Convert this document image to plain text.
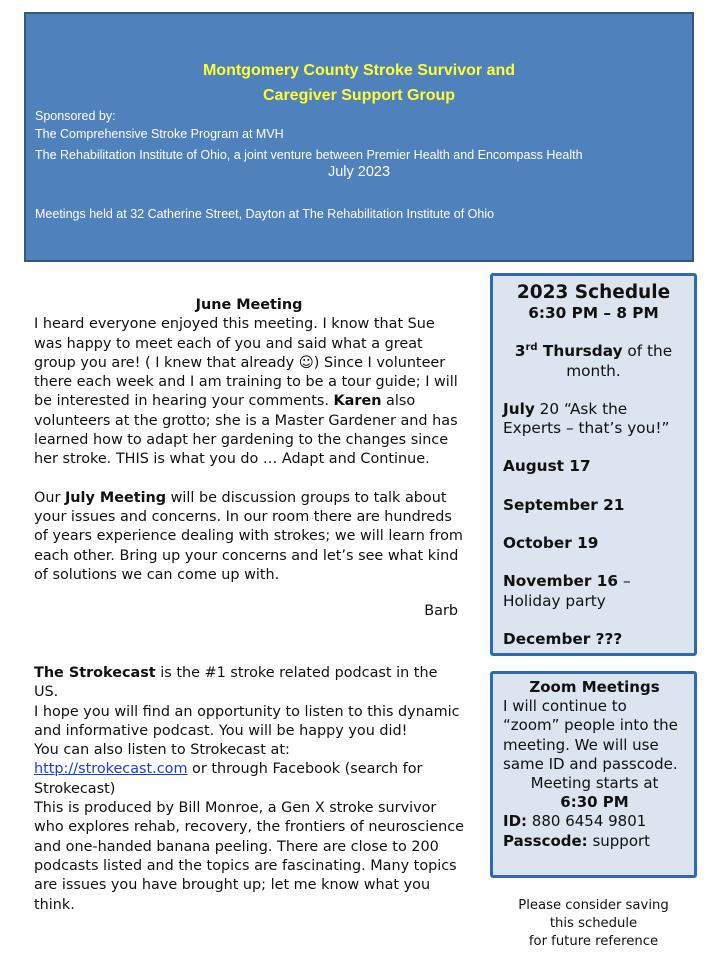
Montgomery County Stroke Survivor and
Caregiver Support Group
Sponsored by:
The Comprehensive Stroke Program at MVH
The Rehabilitation Institute of Ohio, a joint venture between Premier Health and Encompass Health
July 2023
Meetings held at 32 Catherine Street, Dayton at The Rehabilitation Institute of Ohio

June Meeting

I heard everyone enjoyed this meeting. I know that Sue was happy to meet each of you and said what a great group you are! ( I knew that already ☺) Since I volunteer there each week and I am training to be a tour guide; I will be interested in hearing your comments. Karen also volunteers at the grotto; she is a Master Gardener and has learned how to adapt her gardening to the changes since her stroke. THIS is what you do … Adapt and Continue.

Our July Meeting will be discussion groups to talk about your issues and concerns. In our room there are hundreds of years experience dealing with strokes; we will learn from each other. Bring up your concerns and let’s see what kind of solutions we can come up with.

Barb

The Strokecast is the #1 stroke related podcast in the US.

I hope you will find an opportunity to listen to this dynamic and informative podcast. You will be happy you did!

You can also listen to Strokecast at:

http://strokecast.com or through Facebook (search for Strokecast)

This is produced by Bill Monroe, a Gen X stroke survivor who explores rehab, recovery, the frontiers of neuroscience and one-handed banana peeling. There are close to 200 podcasts listed and the topics are fascinating. Many topics are issues you have brought up; let me know what you think.

2023 Schedule
6:30 PM – 8 PM
3rd Thursday of the month.
July 20 “Ask the Experts – that’s you!”
August 17
September 21
October 19
November 16 – Holiday party
December ???
Zoom Meetings
I will continue to “zoom” people into the meeting. We will use same ID and passcode.
Meeting starts at
6:30 PM
ID: 880 6454 9801
Passcode: support
Please consider saving
this schedule
for future reference
